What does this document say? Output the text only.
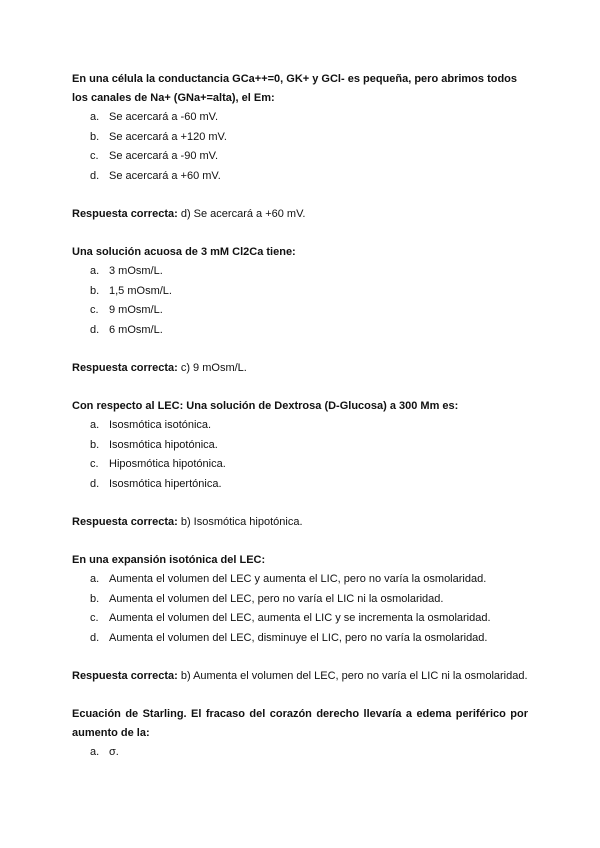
En una célula la conductancia GCa++=0, GK+ y GCl- es pequeña, pero abrimos todos los canales de Na+ (GNa+=alta), el Em:

a. Se acercará a -60 mV.
b. Se acercará a +120 mV.
c. Se acercará a -90 mV.
d. Se acercará a +60 mV.

Respuesta correcta: d) Se acercará a +60 mV.

Una solución acuosa de 3 mM Cl2Ca tiene:

a. 3 mOsm/L.
b. 1,5 mOsm/L.
c. 9 mOsm/L.
d. 6 mOsm/L.

Respuesta correcta: c) 9 mOsm/L.

Con respecto al LEC: Una solución de Dextrosa (D-Glucosa) a 300 Mm es:

a. Isosmótica isotónica.
b. Isosmótica hipotónica.
c. Hiposmótica hipotónica.
d. Isosmótica hipertónica.

Respuesta correcta: b) Isosmótica hipotónica.

En una expansión isotónica del LEC:

a. Aumenta el volumen del LEC y aumenta el LIC, pero no varía la osmolaridad.
b. Aumenta el volumen del LEC, pero no varía el LIC ni la osmolaridad.
c. Aumenta el volumen del LEC, aumenta el LIC y se incrementa la osmolaridad.
d. Aumenta el volumen del LEC, disminuye el LIC, pero no varía la osmolaridad.

Respuesta correcta: b) Aumenta el volumen del LEC, pero no varía el LIC ni la osmolaridad.

Ecuación de Starling. El fracaso del corazón derecho llevaría a edema periférico por aumento de la:

a. σ.
